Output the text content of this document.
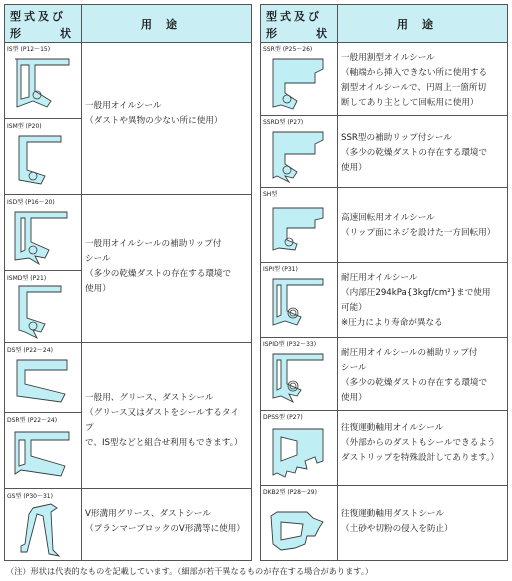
型式及び
形	状
用途
IS型 (P12〜15)
ISM型 (P20)
ISD型 (P16〜20)
ISMD型 (P21)
DS型 (P22〜24)
DSR型 (P22〜24)
GS型 (P30〜31)
一般用オイルシール
（ダストや異物の少ない所に使用）
一般用オイルシールの補助リップ付
シール
（多少の乾燥ダストの存在する環境で
使用）
一般用、グリース、ダストシール
（グリース又はダストをシールするタイプ
で、IS型などと組合せ利用もできます。）
V形溝用グリース、ダストシール
（プランマーブロックのV形溝等に使用）
型式及び
形	状
用途
SSR型 (P25〜26)
一般用割型オイルシール
（軸端から挿入できない所に使用する
割型オイルシールで、円周上一箇所切
断してあり主として回転用に使用）
SSRD型 (P27)
SSR型の補助リップ付シール
（多少の乾燥ダストの存在する環境で
使用）
SH型
高速回転用オイルシール
（リップ面にネジを設けた一方回転用）
ISPI型 (P31)
耐圧用オイルシール
（内部圧294kPa{3kgf/cm²}まで使用
可能）
※圧力により寿命が異なる
ISPID型 (P32〜33)
耐圧用オイルシールの補助リップ付
シール
（多少の乾燥ダストの存在する環境で
使用）
DPSS型 (P27)
往復運動軸用オイルシール
（外部からのダストもシールできるよう
ダストリップを特殊設計してあります。）
DKB2型 (P28〜29)
往復運動軸用ダストシール
（土砂や切粉の侵入を防止）
（注）形状は代表的なものを記載しています。（細部が若干異なるものが存在する場合があります。）
